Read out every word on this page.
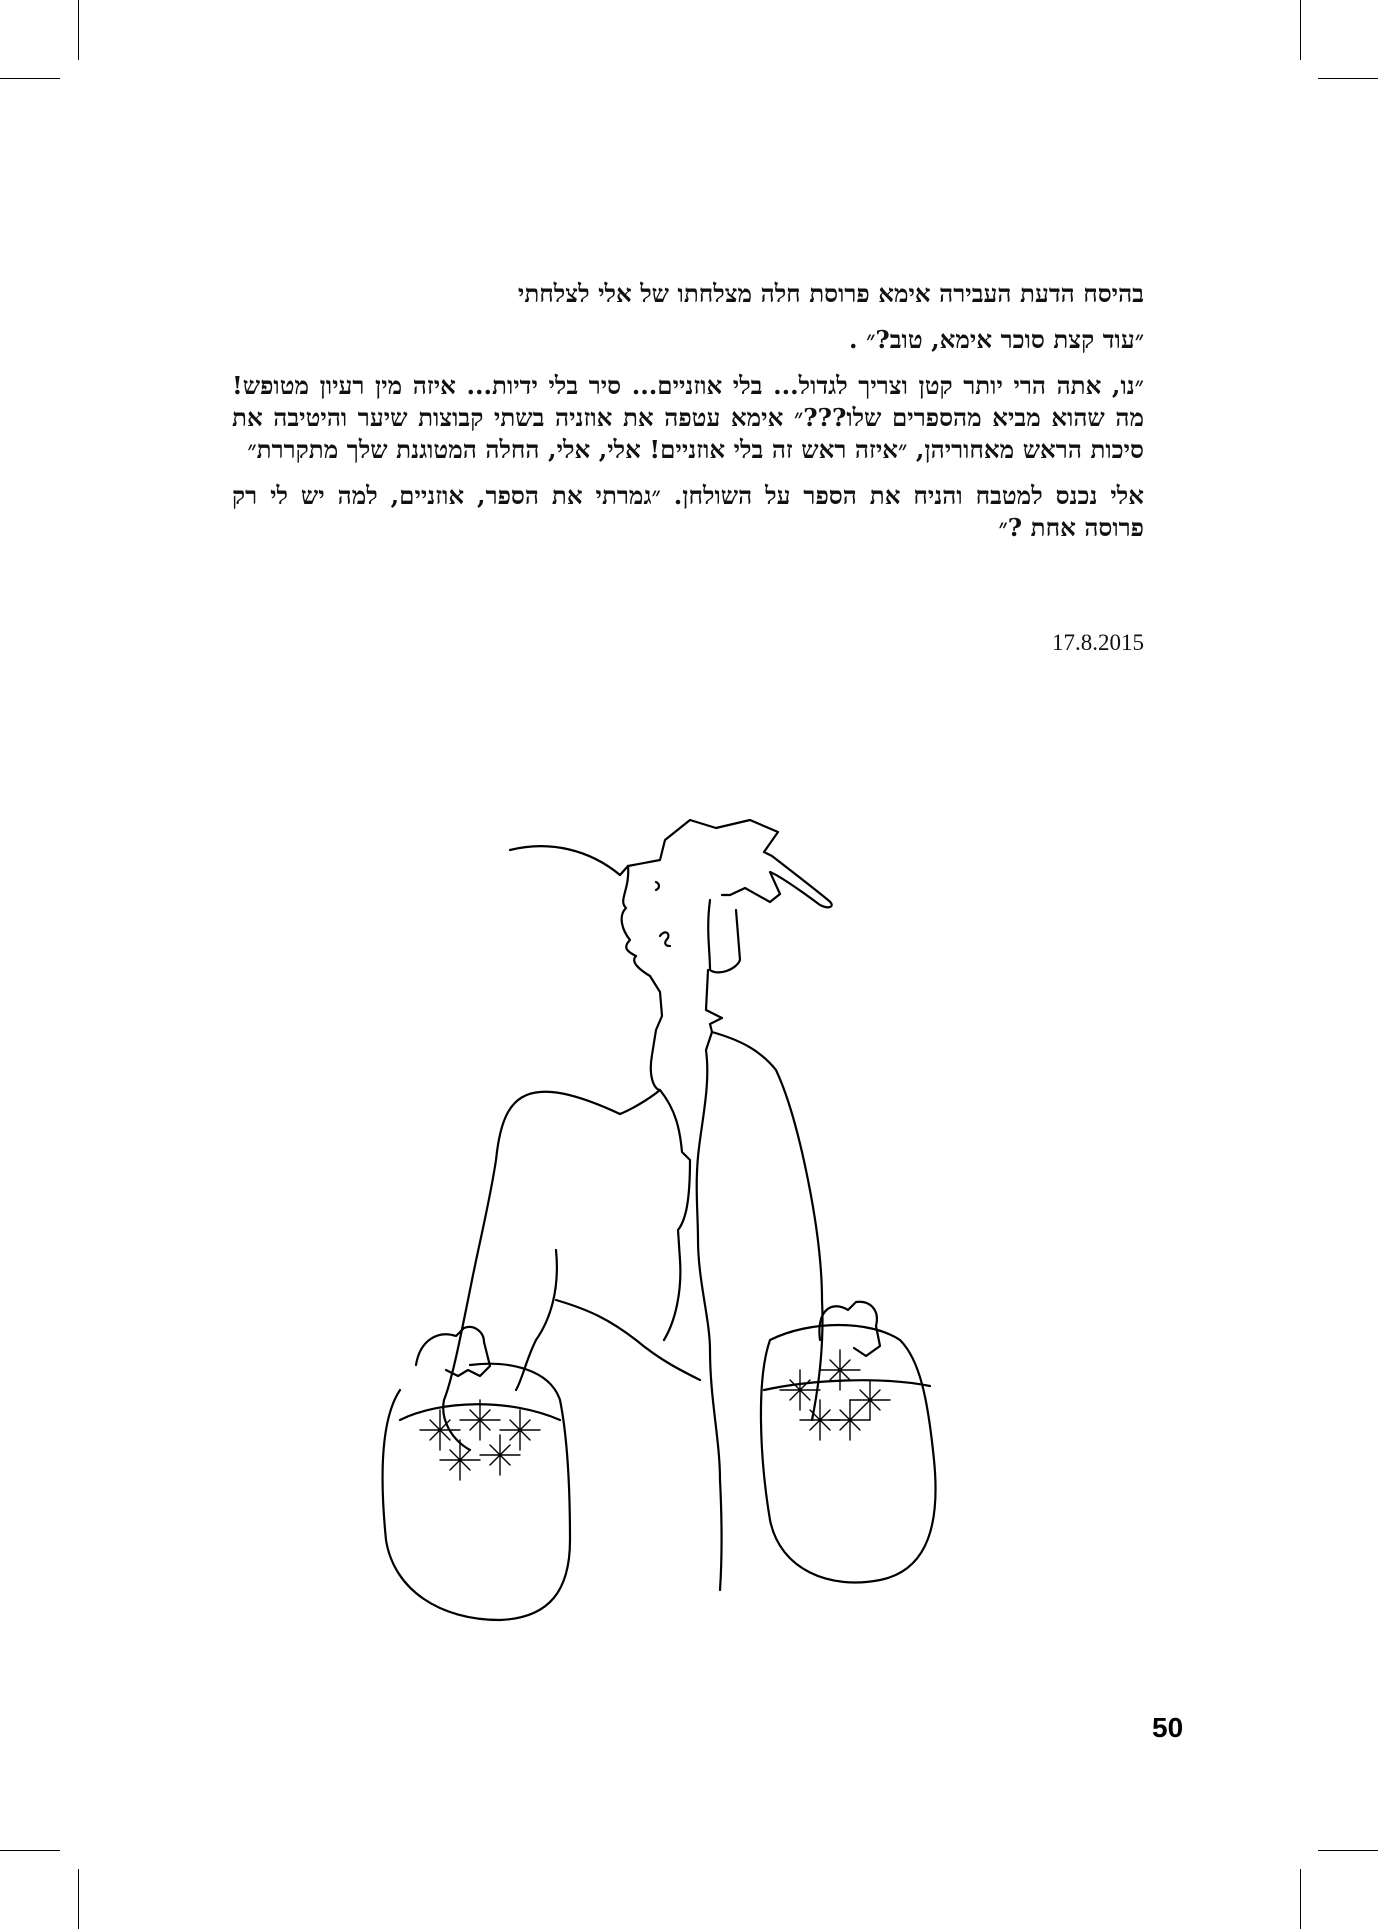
בהיסח הדעת העבירה אימא פרוסת חלה מצלחתו של אלי לצלחתי

״עוד קצת סוכר אימא, טוב?״ .

״נו, אתה הרי יותר קטן וצריך לגדול... בלי אוזניים... סיר בלי ידיות... איזה מין רעיון מטופש! מה שהוא מביא מהספרים שלו???״ אימא עטפה את אוזניה בשתי קבוצות שיער והיטיבה את סיכות הראש מאחוריהן, ״איזה ראש זה בלי אוזניים! אלי, אלי, החלה המטוגנת שלך מתקררת״

אלי נכנס למטבח והניח את הספר על השולחן. ״גמרתי את הספר, אוזניים, למה יש לי רק פרוסה אחת ?״

17.8.2015
50
